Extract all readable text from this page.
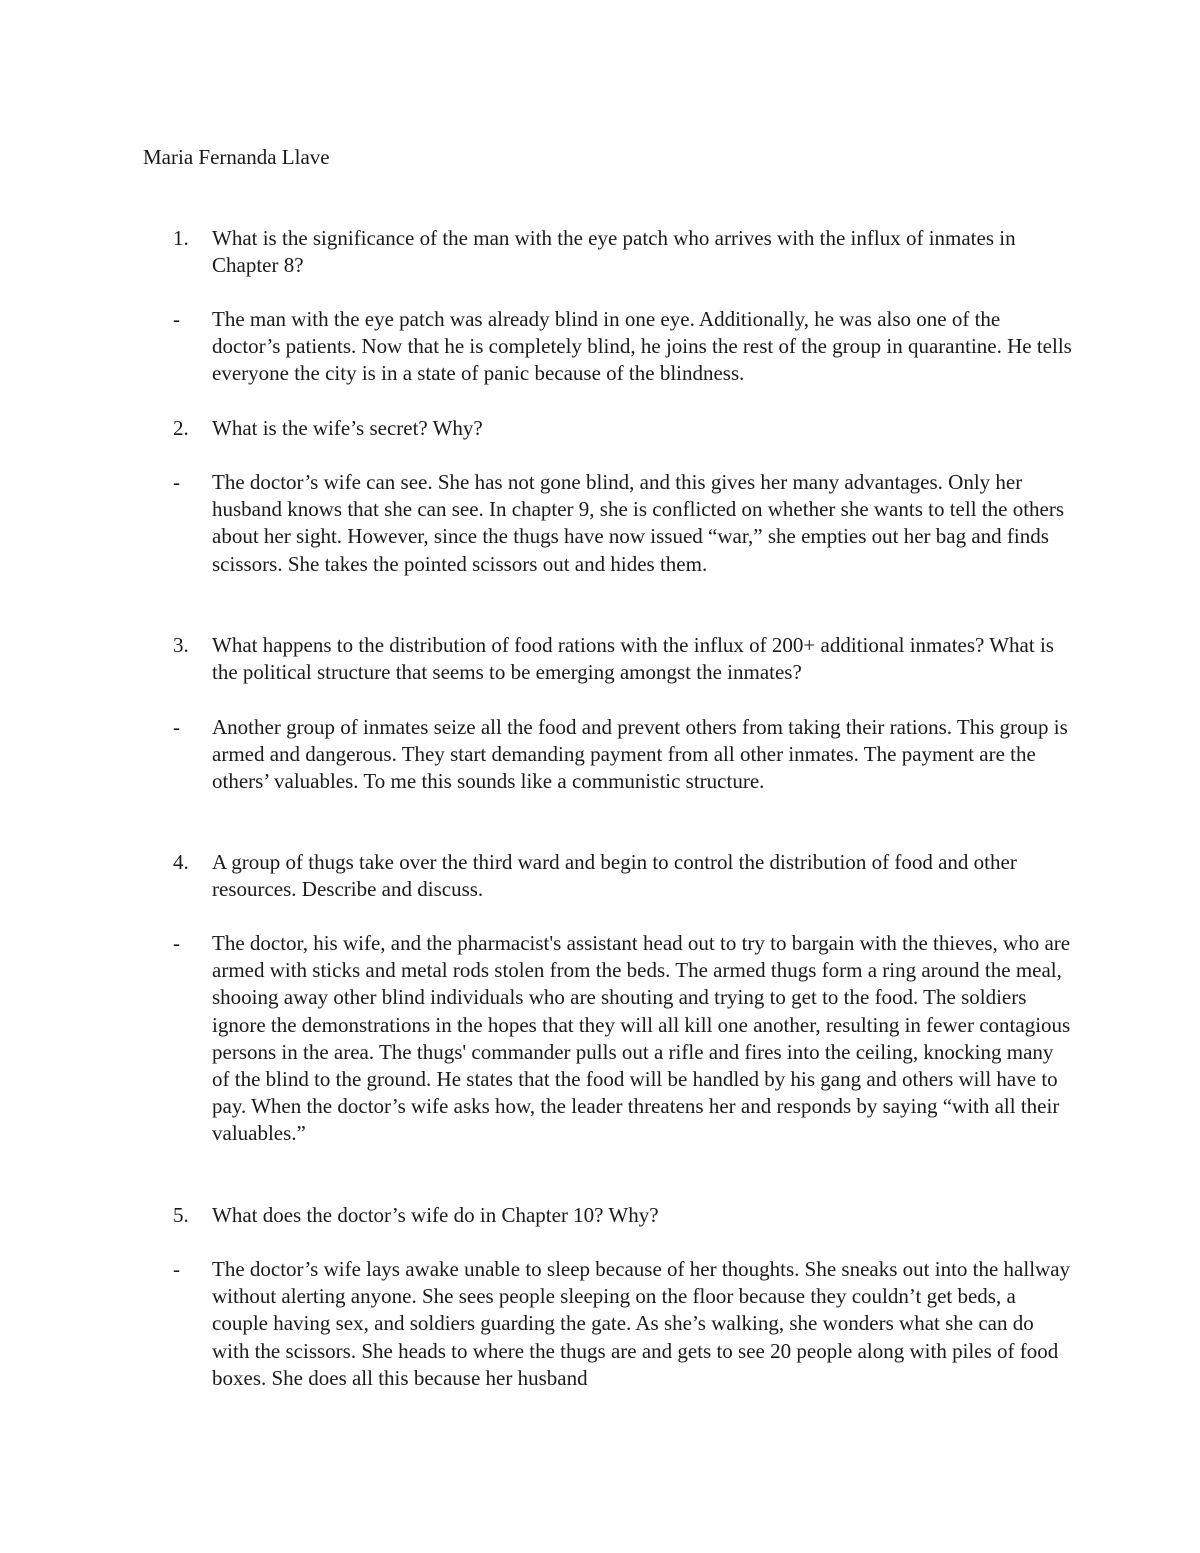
Maria Fernanda Llave

1.	What is the significance of the man with the eye patch who arrives with the influx of inmates in Chapter 8?
-	The man with the eye patch was already blind in one eye. Additionally, he was also one of the doctor’s patients. Now that he is completely blind, he joins the rest of the group in quarantine. He tells everyone the city is in a state of panic because of the blindness.
2.	What is the wife’s secret? Why?
-	The doctor’s wife can see. She has not gone blind, and this gives her many advantages. Only her husband knows that she can see. In chapter 9, she is conflicted on whether she wants to tell the others about her sight. However, since the thugs have now issued “war,” she empties out her bag and finds scissors. She takes the pointed scissors out and hides them.
3.	What happens to the distribution of food rations with the influx of 200+ additional inmates? What is the political structure that seems to be emerging amongst the inmates?
-	Another group of inmates seize all the food and prevent others from taking their rations. This group is armed and dangerous. They start demanding payment from all other inmates. The payment are the others’ valuables. To me this sounds like a communistic structure.
4.	A group of thugs take over the third ward and begin to control the distribution of food and other resources. Describe and discuss.
-	The doctor, his wife, and the pharmacist's assistant head out to try to bargain with the thieves, who are armed with sticks and metal rods stolen from the beds. The armed thugs form a ring around the meal, shooing away other blind individuals who are shouting and trying to get to the food. The soldiers ignore the demonstrations in the hopes that they will all kill one another, resulting in fewer contagious persons in the area. The thugs' commander pulls out a rifle and fires into the ceiling, knocking many of the blind to the ground. He states that the food will be handled by his gang and others will have to pay. When the doctor’s wife asks how, the leader threatens her and responds by saying “with all their valuables.”
5.	What does the doctor’s wife do in Chapter 10? Why?
-	The doctor’s wife lays awake unable to sleep because of her thoughts. She sneaks out into the hallway without alerting anyone. She sees people sleeping on the floor because they couldn’t get beds, a couple having sex, and soldiers guarding the gate. As she’s walking, she wonders what she can do with the scissors. She heads to where the thugs are and gets to see 20 people along with piles of food boxes. She does all this because her husband
